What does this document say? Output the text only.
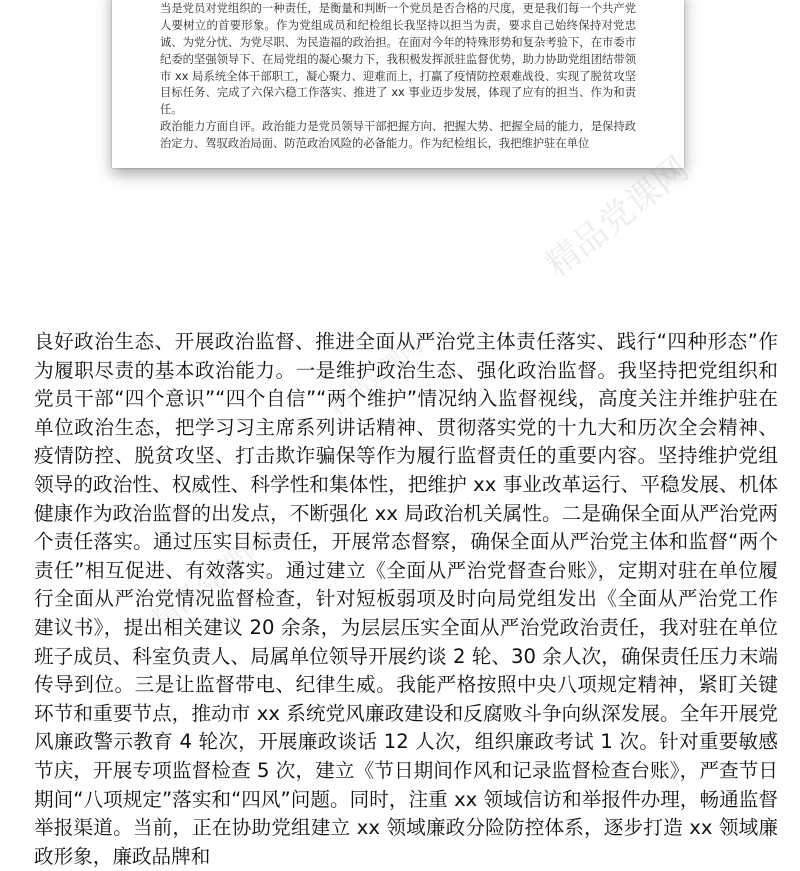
当是党员对党组织的一种责任，是衡量和判断一个党员是否合格的尺度，更是我们每一个共产党人要树立的首要形象。作为党组成员和纪检组长我坚持以担当为责，要求自己始终保持对党忠诚、为党分忧、为党尽职、为民造福的政治担。在面对今年的特殊形势和复杂考验下，在市委市纪委的坚强领导下、在局党组的凝心聚力下，我积极发挥派驻监督优势，助力协助党组团结带领市 xx 局系统全体干部职工，凝心聚力、迎难而上，打赢了疫情防控艰难战役、实现了脱贫攻坚目标任务、完成了六保六稳工作落实、推进了 xx 事业迈步发展，体现了应有的担当、作为和责任。

政治能力方面自评。政治能力是党员领导干部把握方向、把握大势、把握全局的能力，是保持政治定力、驾驭政治局面、防范政治风险的必备能力。作为纪检组长，我把维护驻在单位

精品党课网
精品党课网
精品党课网

良好政治生态、开展政治监督、推进全面从严治党主体责任落实、践行“四种形态”作为履职尽责的基本政治能力。一是维护政治生态、强化政治监督。我坚持把党组织和党员干部“四个意识”“四个自信”“两个维护”情况纳入监督视线，高度关注并维护驻在单位政治生态，把学习习主席系列讲话精神、贯彻落实党的十九大和历次全会精神、疫情防控、脱贫攻坚、打击欺诈骗保等作为履行监督责任的重要内容。坚持维护党组领导的政治性、权威性、科学性和集体性，把维护 xx 事业改革运行、平稳发展、机体健康作为政治监督的出发点，不断强化 xx 局政治机关属性。二是确保全面从严治党两个责任落实。通过压实目标责任，开展常态督察，确保全面从严治党主体和监督“两个责任”相互促进、有效落实。通过建立《全面从严治党督查台账》，定期对驻在单位履行全面从严治党情况监督检查，针对短板弱项及时向局党组发出《全面从严治党工作建议书》，提出相关建议 20 余条，为层层压实全面从严治党政治责任，我对驻在单位班子成员、科室负责人、局属单位领导开展约谈 2 轮、30 余人次，确保责任压力末端传导到位。三是让监督带电、纪律生威。我能严格按照中央八项规定精神，紧盯关键环节和重要节点，推动市 xx 系统党风廉政建设和反腐败斗争向纵深发展。全年开展党风廉政警示教育 4 轮次，开展廉政谈话 12 人次，组织廉政考试 1 次。针对重要敏感节庆，开展专项监督检查 5 次，建立《节日期间作风和记录监督检查台账》，严查节日期间“八项规定”落实和“四风”问题。同时，注重 xx 领域信访和举报件办理，畅通监督举报渠道。当前，正在协助党组建立 xx 领域廉政分险防控体系，逐步打造 xx 领域廉政形象，廉政品牌和
